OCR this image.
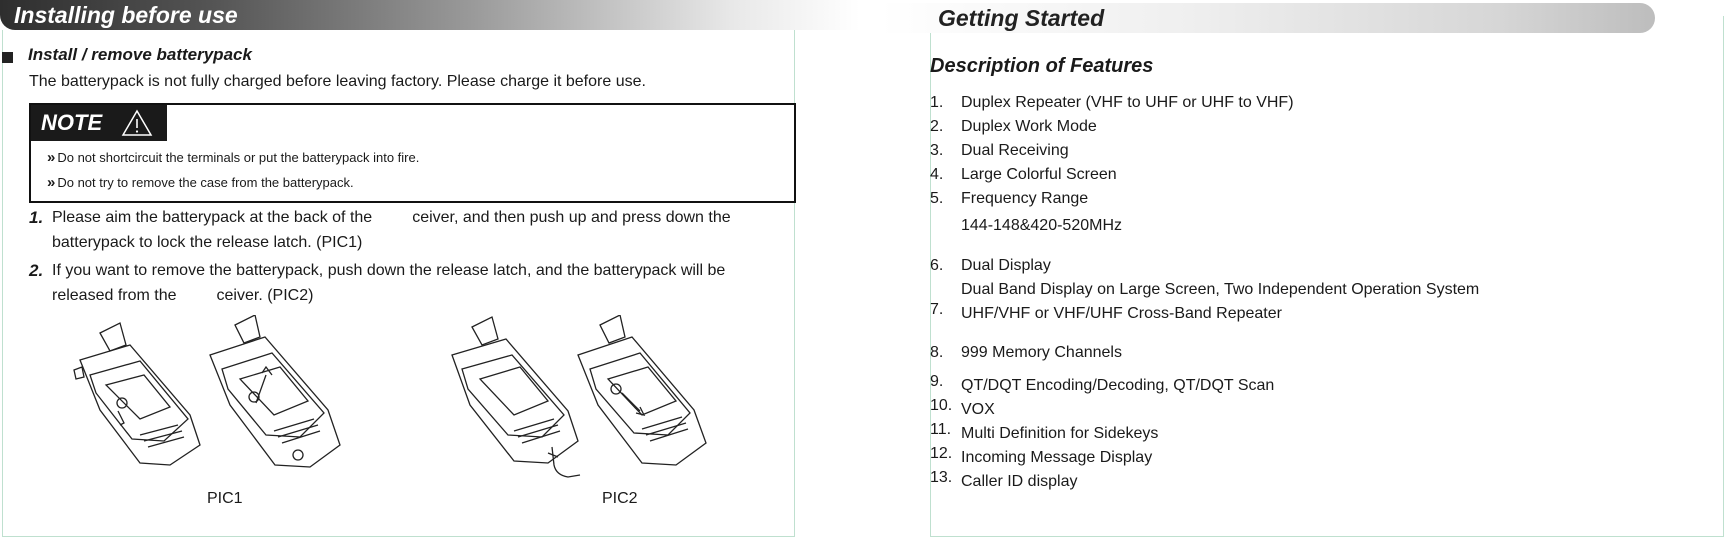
Installing before use	Getting Started
Install / remove batterypack
The batterypack is not fully charged before leaving factory. Please charge it before use.
NOTE
» Do not shortcircuit the terminals or put the batterypack into fire.
» Do not try to remove the case from the batterypack.
1. Please aim the batterypack at the back of the         ceiver, and then push up and press down the
batterypack to lock the release latch. (PIC1)
2. If you want to remove the batterypack, push down the release latch, and the batterypack will be
released from the         ceiver. (PIC2)
PIC1	PIC2
Description of Features
1. Duplex Repeater (VHF to UHF or UHF to VHF)
2. Duplex Work Mode
3. Dual Receiving
4. Large Colorful Screen
5. Frequency Range
144-148&420-520MHz
6. Dual Display
Dual Band Display on Large Screen, Two Independent Operation System
7. UHF/VHF or VHF/UHF Cross-Band Repeater
8. 999 Memory Channels
9. QT/DQT Encoding/Decoding, QT/DQT Scan
10. VOX
11. Multi Definition for Sidekeys
12. Incoming Message Display
13. Caller ID display
